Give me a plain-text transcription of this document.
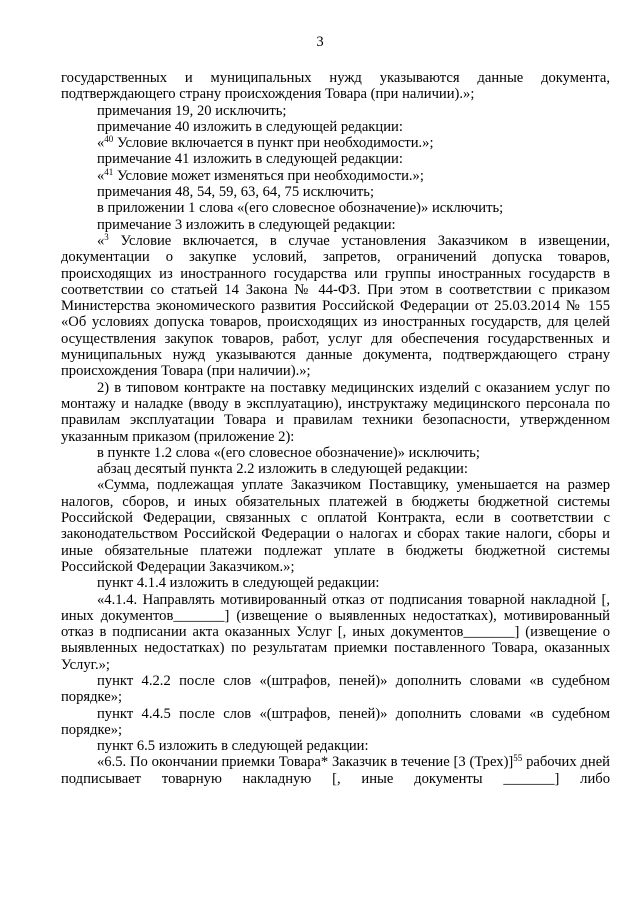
3

государственных и муниципальных нужд указываются данные документа, подтверждающего страну происхождения Товара (при наличии).»;

примечания 19, 20 исключить;

примечание 40 изложить в следующей редакции:

«$^{40}$ Условие включается в пункт при необходимости.»;

примечание 41 изложить в следующей редакции:

«$^{41}$ Условие может изменяться при необходимости.»;

примечания 48, 54, 59, 63, 64, 75 исключить;

в приложении 1 слова «(его словесное обозначение)» исключить;

примечание 3 изложить в следующей редакции:

«$^3$ Условие включается, в случае установления Заказчиком в извещении, документации о закупке условий, запретов, ограничений допуска товаров, происходящих из иностранного государства или группы иностранных государств в соответствии со статьей 14 Закона № 44-ФЗ. При этом в соответствии с приказом Министерства экономического развития Российской Федерации от 25.03.2014 № 155 «Об условиях допуска товаров, происходящих из иностранных государств, для целей осуществления закупок товаров, работ, услуг для обеспечения государственных и муниципальных нужд указываются данные документа, подтверждающего страну происхождения Товара (при наличии).»;

2) в типовом контракте на поставку медицинских изделий с оказанием услуг по монтажу и наладке (вводу в эксплуатацию), инструктажу медицинского персонала по правилам эксплуатации Товара и правилам техники безопасности, утвержденном указанным приказом (приложение 2):

в пункте 1.2 слова «(его словесное обозначение)» исключить;

абзац десятый пункта 2.2 изложить в следующей редакции:

«Сумма, подлежащая уплате Заказчиком Поставщику, уменьшается на размер налогов, сборов, и иных обязательных платежей в бюджеты бюджетной системы Российской Федерации, связанных с оплатой Контракта, если в соответствии с законодательством Российской Федерации о налогах и сборах такие налоги, сборы и иные обязательные платежи подлежат уплате в бюджеты бюджетной системы Российской Федерации Заказчиком.»;

пункт 4.1.4 изложить в следующей редакции:

«4.1.4. Направлять мотивированный отказ от подписания товарной накладной [, иных документов_______] (извещение о выявленных недостатках), мотивированный отказ в подписании акта оказанных Услуг [, иных документов_______] (извещение о выявленных недостатках) по результатам приемки поставленного Товара, оказанных Услуг.»;

пункт 4.2.2 после слов «(штрафов, пеней)» дополнить словами «в судебном порядке»;

пункт 4.4.5 после слов «(штрафов, пеней)» дополнить словами «в судебном порядке»;

пункт 6.5 изложить в следующей редакции:

«6.5. По окончании приемки Товара* Заказчик в течение [3 (Трех)]$^{55}$ рабочих дней подписывает товарную накладную [, иные документы _______] либо
